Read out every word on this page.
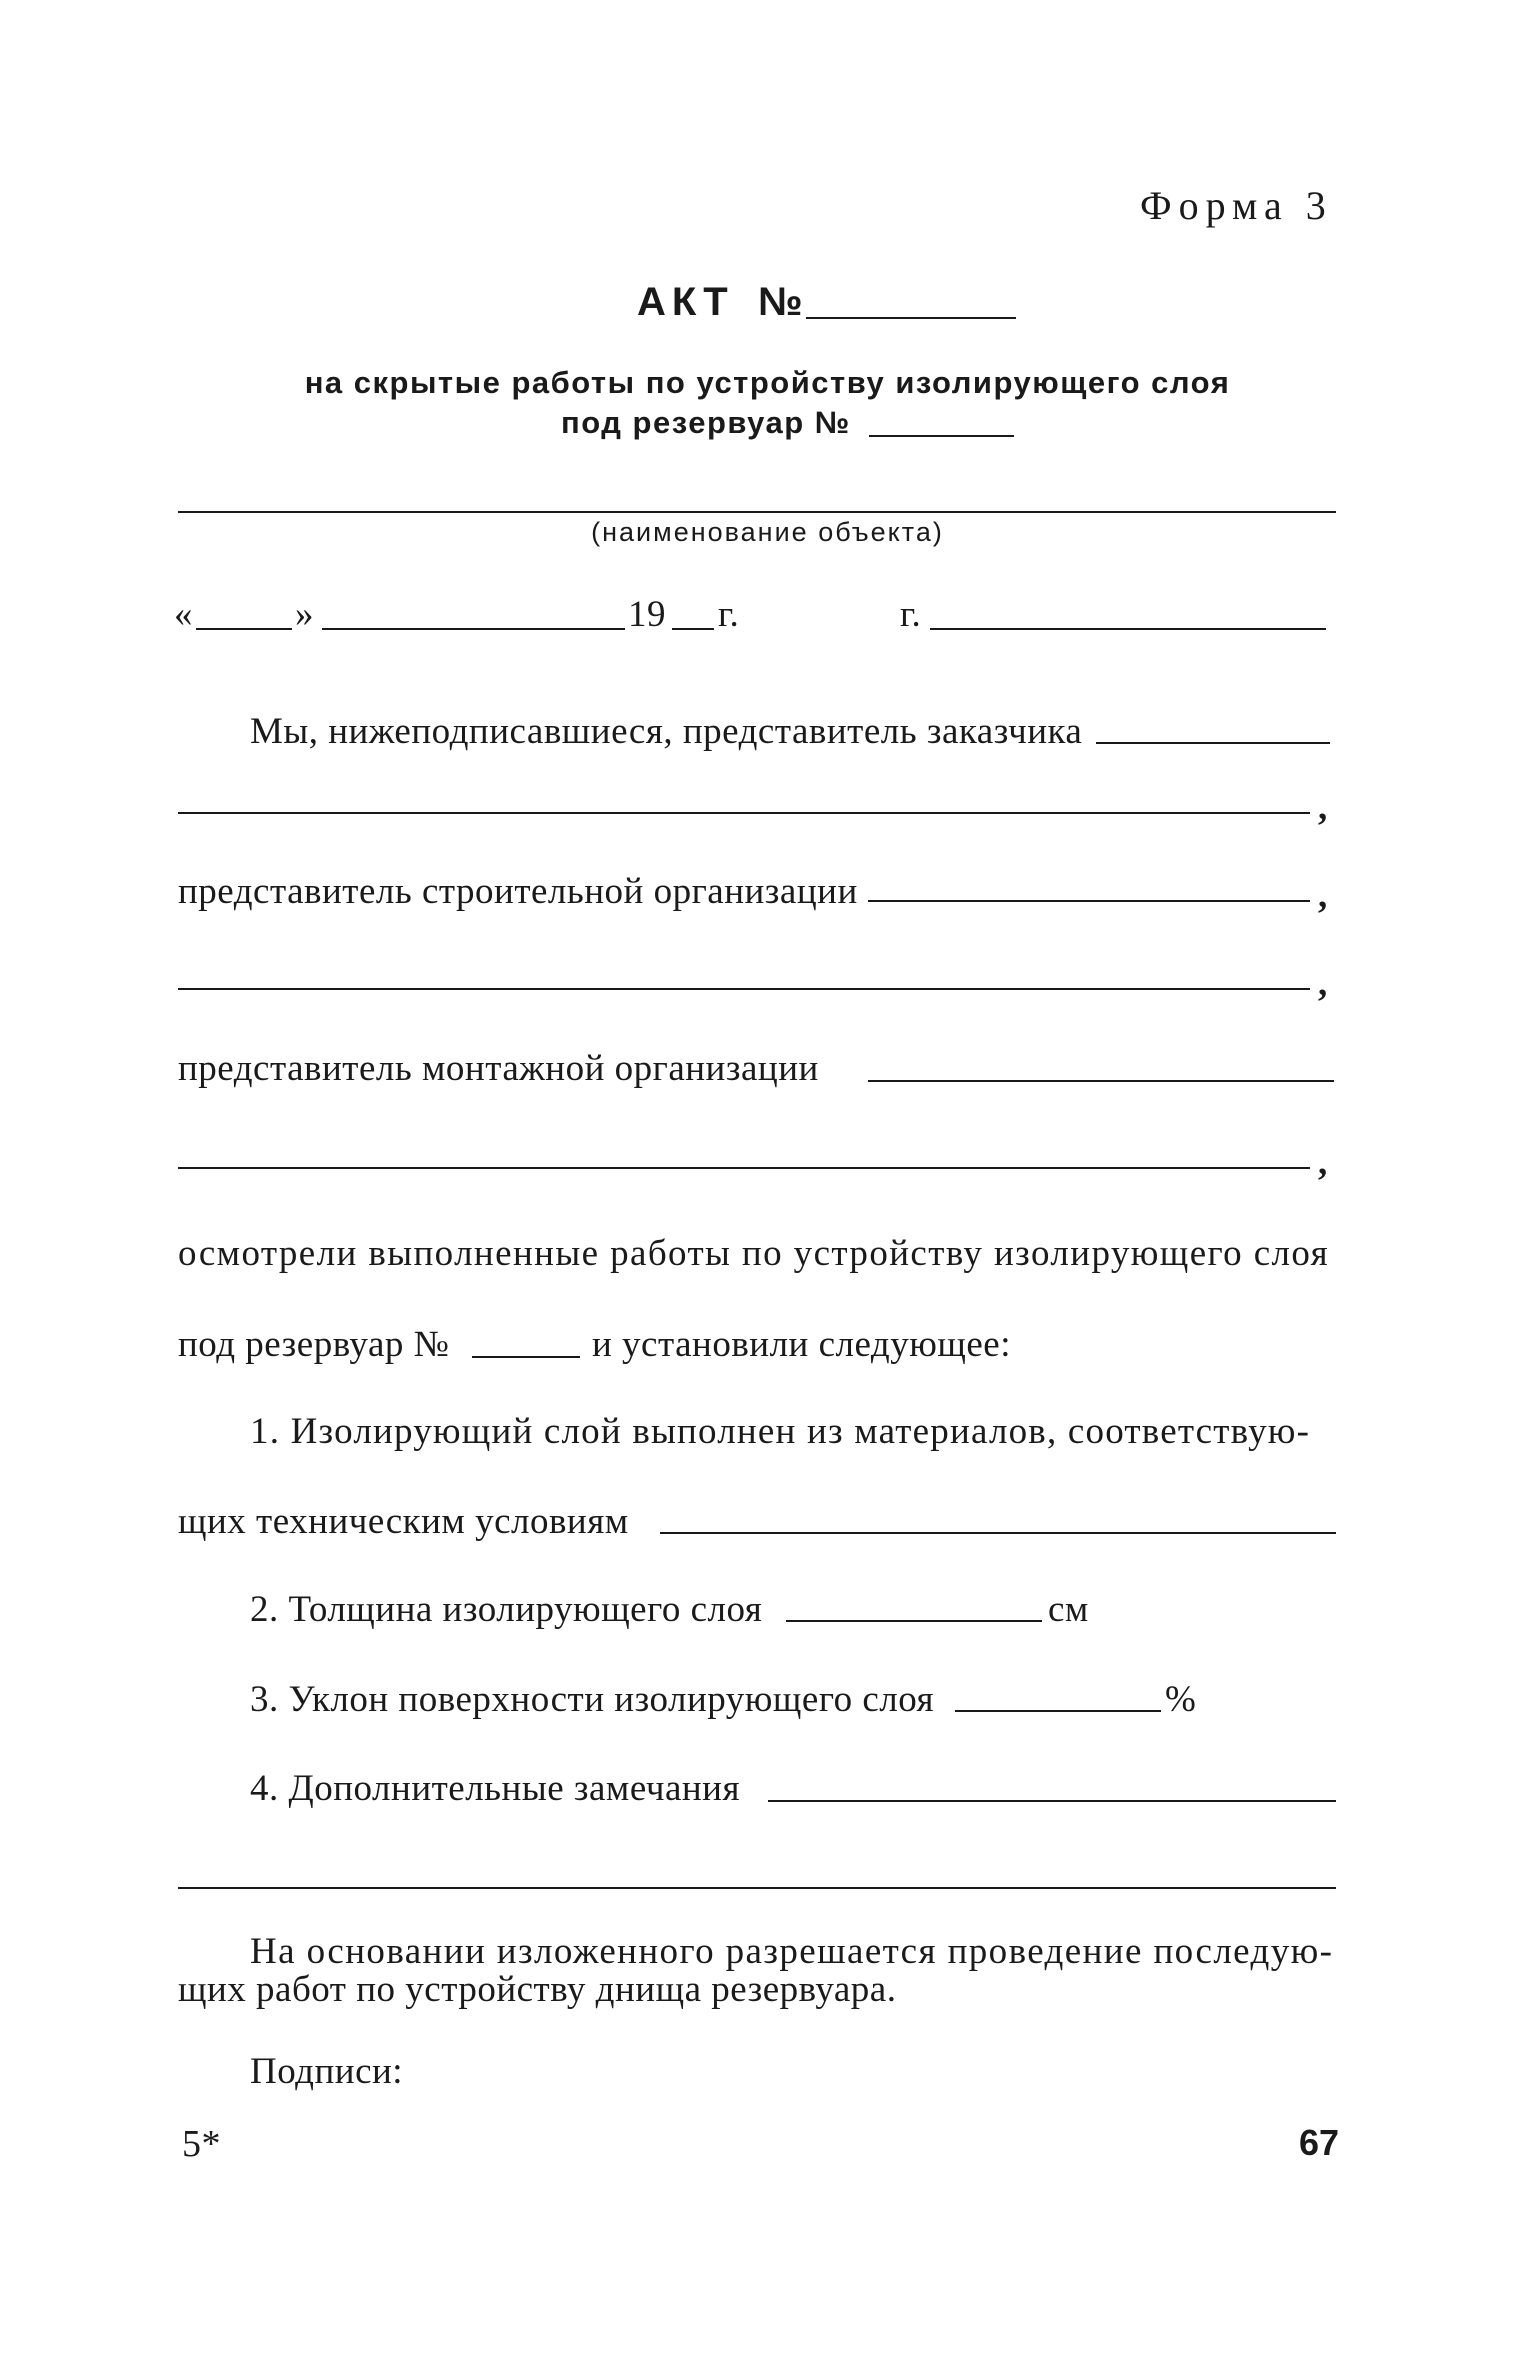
Форма 3
АКТ №
на скрытые работы по устройству изолирующего слоя
под резервуар №
(наименование объекта)
«	»	19 г.	г.
Мы, нижеподписавшиеся, представитель заказчика
,
представитель строительной организации	,
,
представитель монтажной организации
,
осмотрели выполненные работы по устройству изолирующего слоя
под резервуар №	и установили следующее:
1. Изолирующий слой выполнен из материалов, соответствую-
щих техническим условиям
2. Толщина изолирующего слоя	см
3. Уклон поверхности изолирующего слоя	%
4. Дополнительные замечания
На основании изложенного разрешается проведение последую-
щих работ по устройству днища резервуара.
Подписи:
5*	67
